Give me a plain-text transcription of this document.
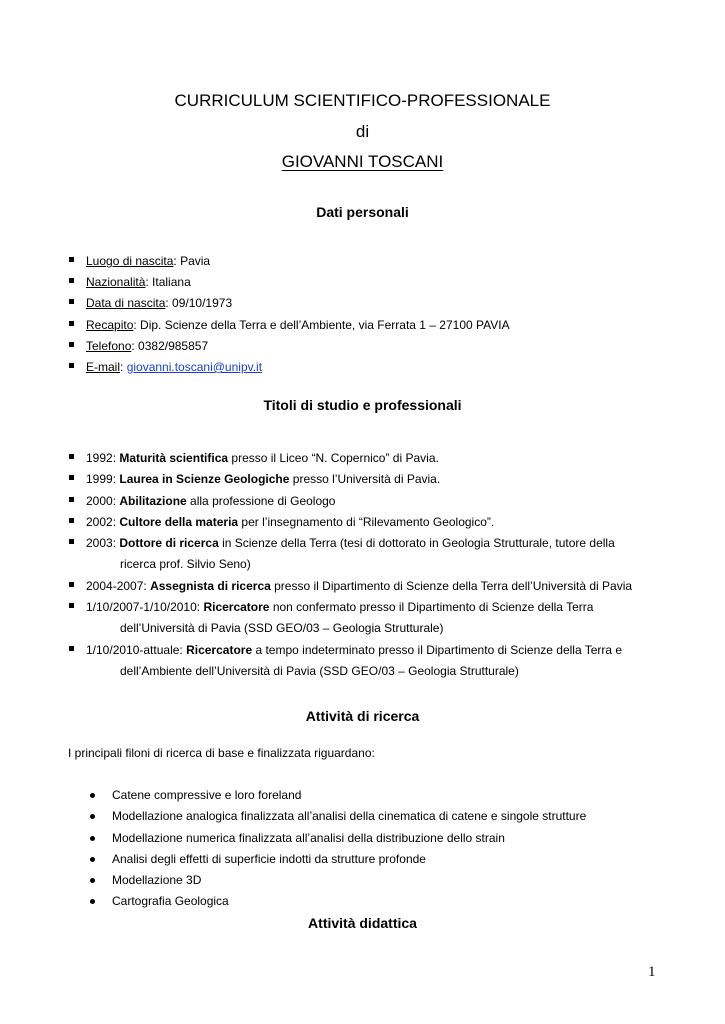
CURRICULUM SCIENTIFICO-PROFESSIONALE
di
GIOVANNI TOSCANI
Dati personali
Luogo di nascita: Pavia
Nazionalità: Italiana
Data di nascita: 09/10/1973
Recapito: Dip. Scienze della Terra e dell’Ambiente, via Ferrata 1 – 27100 PAVIA
Telefono: 0382/985857
E-mail: giovanni.toscani@unipv.it
Titoli di studio e professionali
1992: Maturità scientifica presso il Liceo “N. Copernico” di Pavia.
1999: Laurea in Scienze Geologiche presso l’Università di Pavia.
2000: Abilitazione alla professione di Geologo
2002: Cultore della materia per l’insegnamento di “Rilevamento Geologico”.
2003: Dottore di ricerca in Scienze della Terra (tesi di dottorato in Geologia Strutturale, tutore della
ricerca prof. Silvio Seno)
2004-2007: Assegnista di ricerca presso il Dipartimento di Scienze della Terra dell’Università di Pavia
1/10/2007-1/10/2010: Ricercatore non confermato presso il Dipartimento di Scienze della Terra
dell’Università di Pavia (SSD GEO/03 – Geologia Strutturale)
1/10/2010-attuale: Ricercatore a tempo indeterminato presso il Dipartimento di Scienze della Terra e
dell’Ambiente dell’Università di Pavia (SSD GEO/03 – Geologia Strutturale)
Attività di ricerca
I principali filoni di ricerca di base e finalizzata riguardano:
Catene compressive e loro foreland
Modellazione analogica finalizzata all’analisi della cinematica di catene e singole strutture
Modellazione numerica finalizzata all’analisi della distribuzione dello strain
Analisi degli effetti di superficie indotti da strutture profonde
Modellazione 3D
Cartografia Geologica
Attività didattica
1
